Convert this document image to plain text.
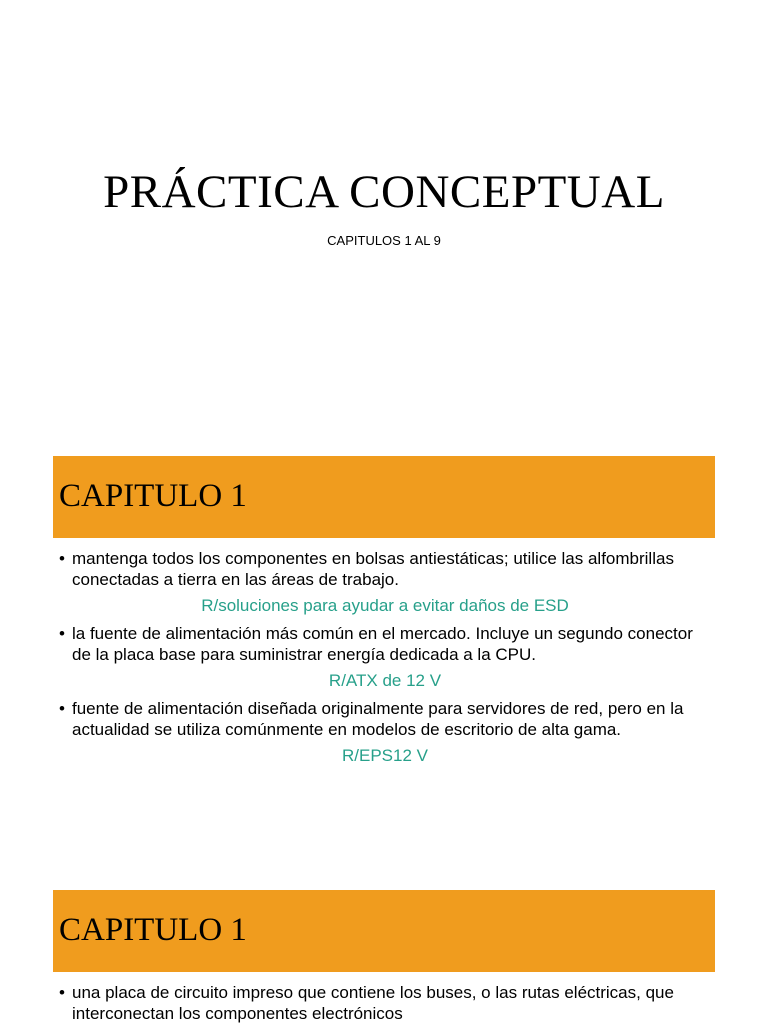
PRÁCTICA CONCEPTUAL
CAPITULOS 1 AL 9
CAPITULO 1

• mantenga todos los componentes en bolsas antiestáticas; utilice las alfombrillas conectadas a tierra en las áreas de trabajo.

R/soluciones para ayudar a evitar daños de ESD

• la fuente de alimentación más común en el mercado. Incluye un segundo conector de la placa base para suministrar energía dedicada a la CPU.

R/ATX de 12 V

• fuente de alimentación diseñada originalmente para servidores de red, pero en la actualidad se utiliza comúnmente en modelos de escritorio de alta gama.

R/EPS12 V
CAPITULO 1

• una placa de circuito impreso que contiene los buses, o las rutas eléctricas, que interconectan los componentes electrónicos
